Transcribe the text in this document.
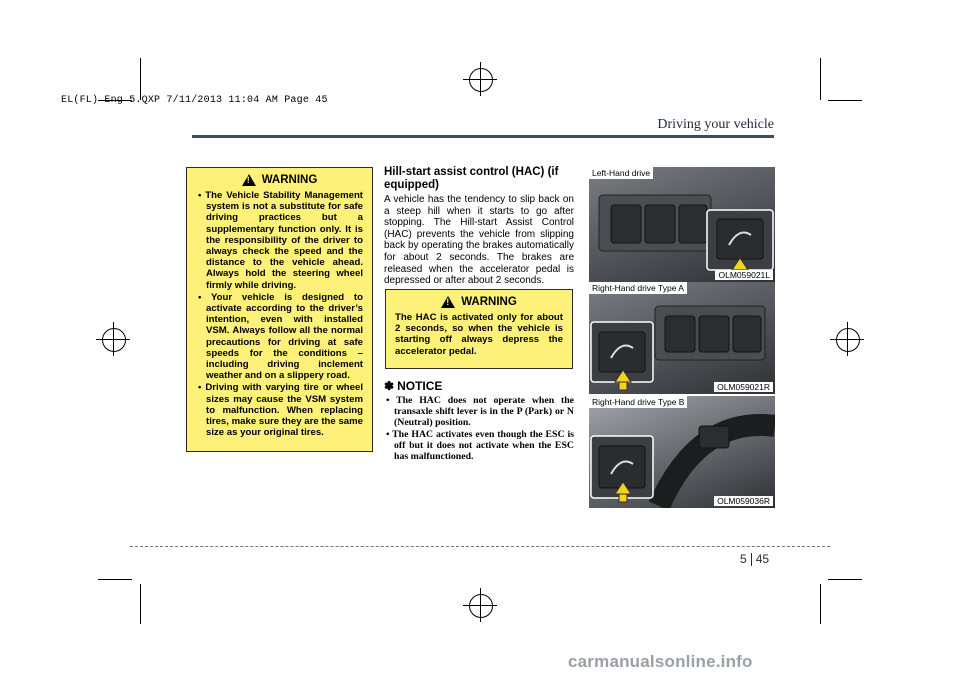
EL(FL) Eng 5.QXP 7/11/2013 11:04 AM Page 45
Driving your vehicle
!
WARNING
• The Vehicle Stability Management system is not a substitute for safe driving practices but a supplementary function only. It is the responsibility of the driver to always check the speed and the distance to the vehicle ahead. Always hold the steering wheel firmly while driving.
• Your vehicle is designed to activate according to the driver’s intention, even with installed VSM. Always follow all the normal precautions for driving at safe speeds for the conditions – including driving inclement weather and on a slippery road.
• Driving with varying tire or wheel sizes may cause the VSM system to malfunction. When replacing tires, make sure they are the same size as your original tires.
Hill-start assist control (HAC) (if equipped)
A vehicle has the tendency to slip back on a steep hill when it starts to go after stopping. The Hill-start Assist Control (HAC) prevents the vehicle from slipping back by operating the brakes automatically for about 2 seconds. The brakes are released when the accelerator pedal is depressed or after about 2 seconds.
!
WARNING
The HAC is activated only for about 2 seconds, so when the vehicle is starting off always depress the accelerator pedal.
✽ NOTICE
• The HAC does not operate when the transaxle shift lever is in the P (Park) or N (Neutral) position.
• The HAC activates even though the ESC is off but it does not activate when the ESC has malfunctioned.
Left-Hand drive
OLM059021L
Right-Hand drive Type A
OLM059021R
Right-Hand drive Type B
OLM059036R
5 45
carmanualsonline.info
